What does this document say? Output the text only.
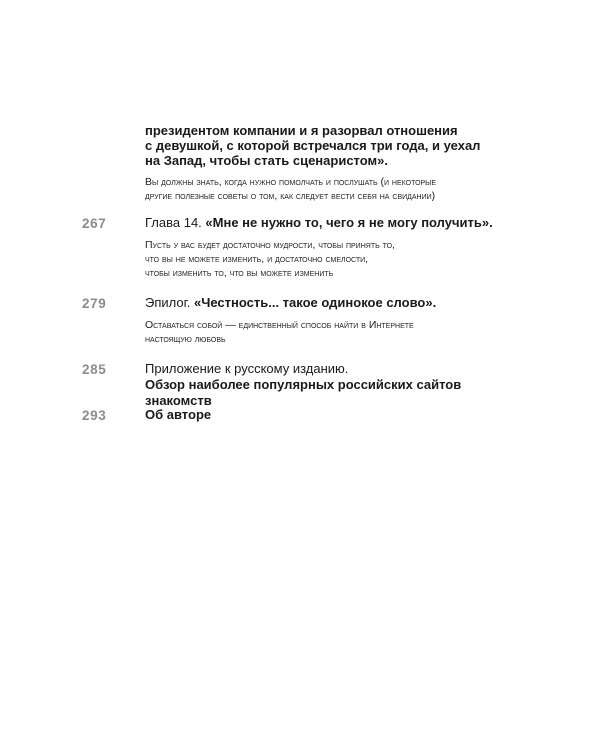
президентом компании и я разорвал отношения
с девушкой, с которой встречался три года, и уехал
на Запад, чтобы стать сценаристом».
Вы должны знать, когда нужно помолчать и послушать (и некоторые
другие полезные советы о том, как следует вести себя на свидании)
267	Глава 14. «Мне не нужно то, чего я не могу получить».
Пусть у вас будет достаточно мудрости, чтобы принять то,
что вы не можете изменить, и достаточно смелости,
чтобы изменить то, что вы можете изменить
279	Эпилог. «Честность... такое одинокое слово».
Оставаться собой — единственный способ найти в Интернете
настоящую любовь
285	Приложение к русскому изданию.
Обзор наиболее популярных российских сайтов знакомств
293	Об авторе
